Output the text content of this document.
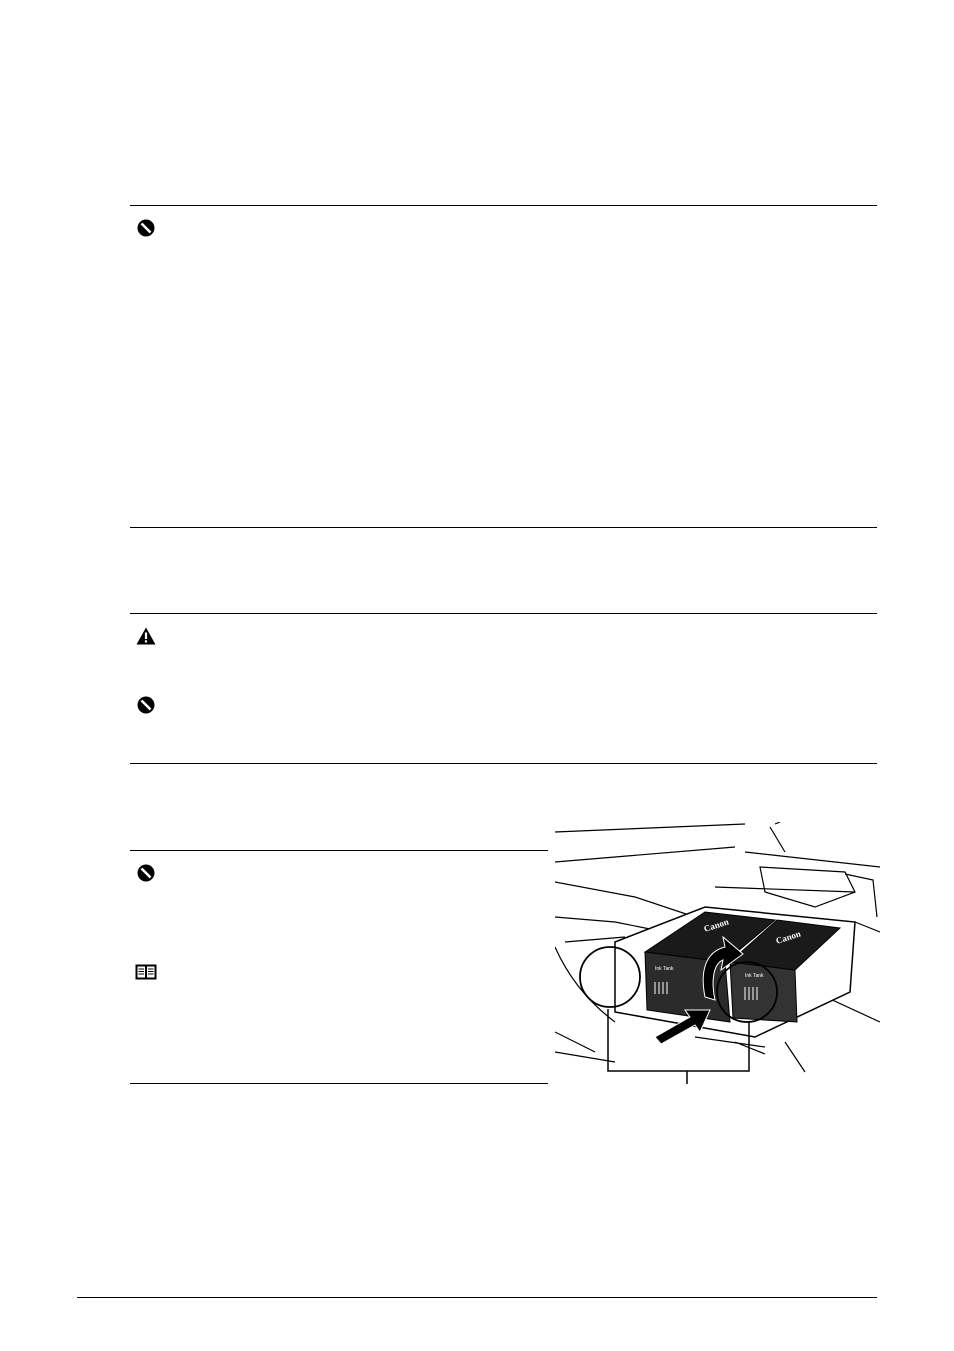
Canon
Canon
Ink Tank
Ink Tank
